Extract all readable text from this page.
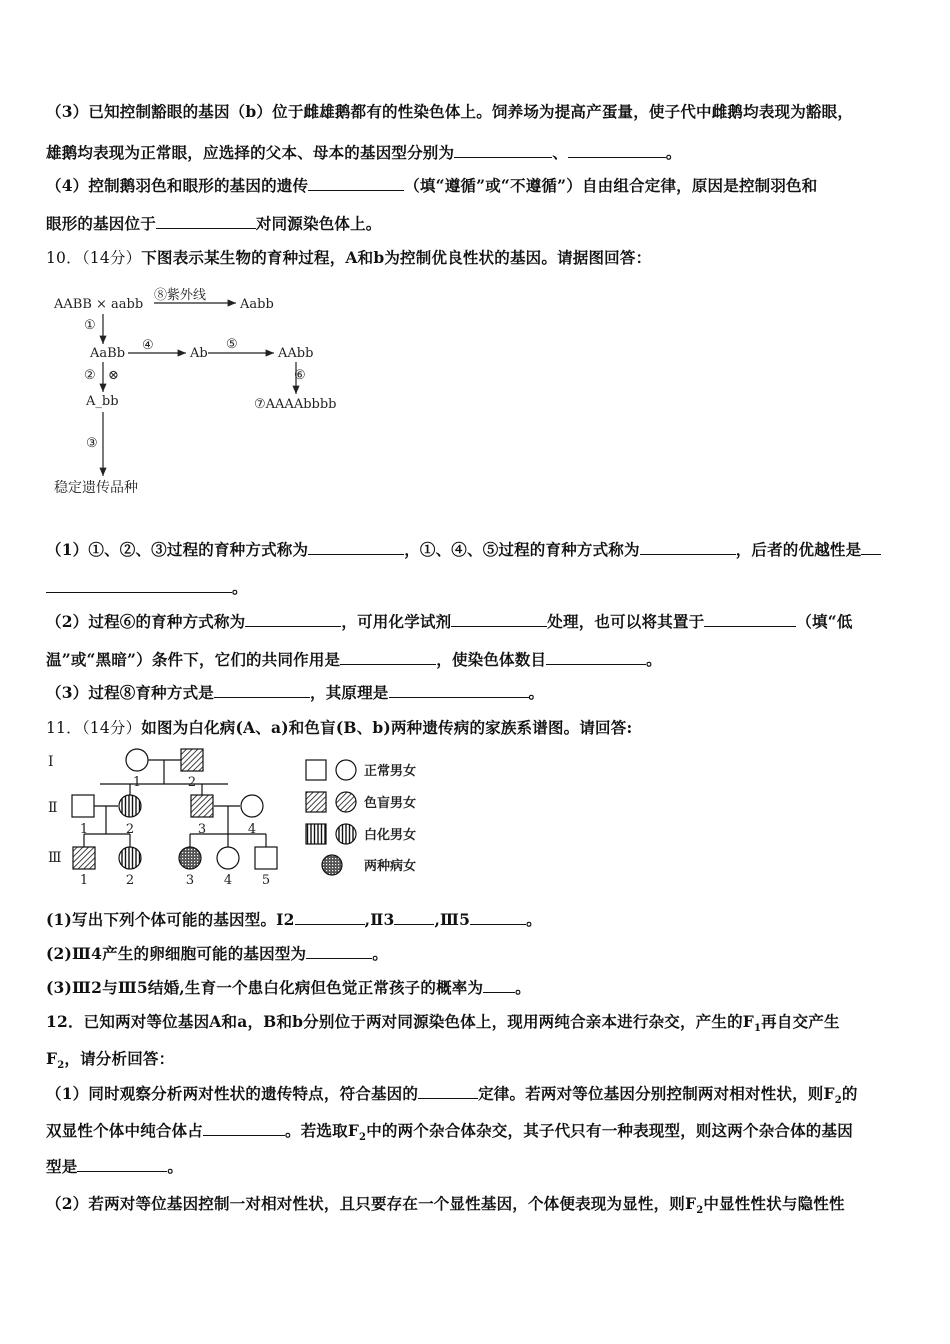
（3）已知控制豁眼的基因（b）位于雌雄鹅都有的性染色体上。饲养场为提高产蛋量，使子代中雌鹅均表现为豁眼，
雄鹅均表现为正常眼，应选择的父本、母本的基因型分别为	、	。
（4）控制鹅羽色和眼形的基因的遗传	（填“遵循”或“不遵循”）自由组合定律，原因是控制羽色和
眼形的基因位于	对同源染色体上。
10．（14分）下图表示某生物的育种过程，A和b为控制优良性状的基因。请据图回答：
AABB × aabb
⑧紫外线
Aabb
①
AaBb
④
Ab
⑤
AAbb
② ⊗	⑥
A_bb	⑦AAAAbbbb
③
稳定遗传品种
（1）①、②、③过程的育种方式称为	，①、④、⑤过程的育种方式称为	，后者的优越性是
。
（2）过程⑥的育种方式称为	，可用化学试剂	处理，也可以将其置于	（填“低
温”或“黑暗”）条件下，它们的共同作用是	，使染色体数目	。
（3）过程⑧育种方式是	，其原理是	。
11．（14分）如图为白化病(A、a)和色盲(B、b)两种遗传病的家族系谱图。请回答:
Ⅰ
Ⅱ
Ⅲ
1	2
1	2	3	4
1	2	3 4 5
正常男女
色盲男女
白化男女
两种病女
(1)写出下列个体可能的基因型。Ⅰ2	,Ⅱ3	,Ⅲ5	。
(2)Ⅲ4产生的卵细胞可能的基因型为	。
(3)Ⅲ2与Ⅲ5结婚,生育一个患白化病但色觉正常孩子的概率为 。
12．已知两对等位基因A和a，B和b分别位于两对同源染色体上，现用两纯合亲本进行杂交，产生的$F_1$再自交产生
$F_2$，请分析回答：
（1）同时观察分析两对性状的遗传特点，符合基因的	定律。若两对等位基因分别控制两对相对性状，则$F_2$的
双显性个体中纯合体占	。若选取$F_2$中的两个杂合体杂交，其子代只有一种表现型，则这两个杂合体的基因
型是	。
（2）若两对等位基因控制一对相对性状，且只要存在一个显性基因，个体便表现为显性，则$F_2$中显性性状与隐性性
